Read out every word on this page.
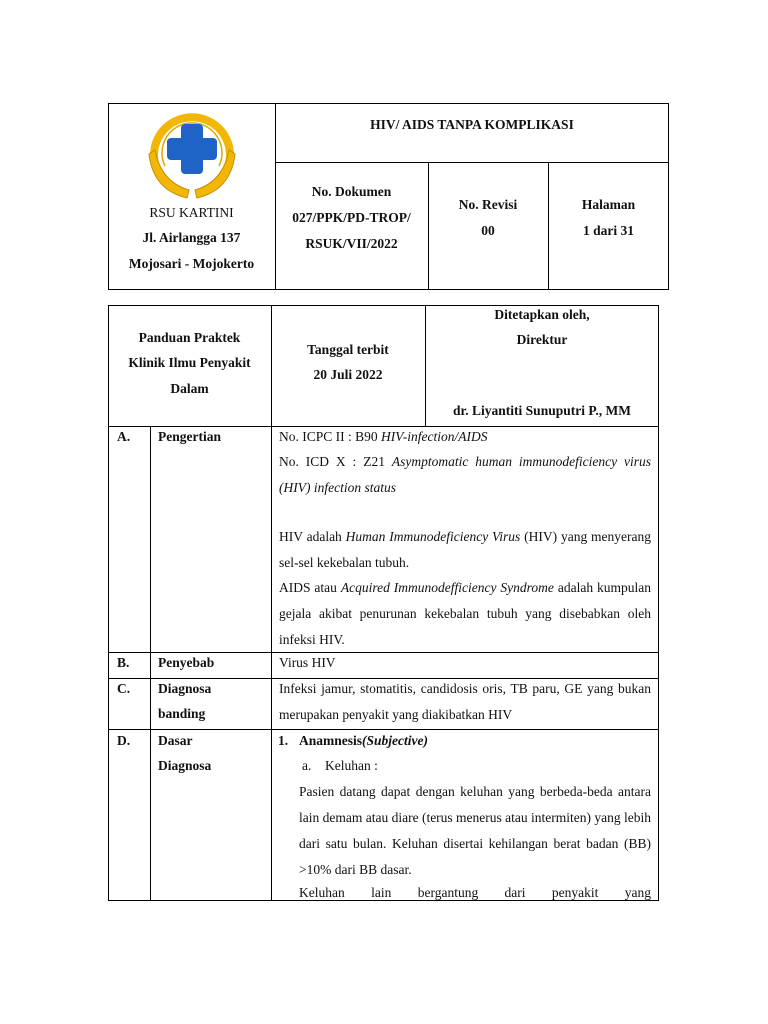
RSU KARTINI
Jl. Airlangga 137
Mojosari - Mojokerto
HIV/ AIDS TANPA KOMPLIKASI
No. Dokumen
027/PPK/PD-TROP/
RSUK/VII/2022
No. Revisi
00
Halaman
1 dari 31
Panduan Praktek
Klinik Ilmu Penyakit
Dalam
Tanggal terbit
20 Juli 2022
Ditetapkan oleh,
Direktur
dr. Liyantiti Sunuputri P., MM
A. Pengertian	No. ICPC II : B90 HIV-infection/AIDS
No. ICD X : Z21 Asymptomatic human immunodeficiency virus (HIV) infection status
HIV adalah Human Immunodeficiency Virus (HIV) yang menyerang sel-sel kekebalan tubuh.
AIDS atau Acquired Immunodefficiency Syndrome adalah kumpulan gejala akibat penurunan kekebalan tubuh yang disebabkan oleh infeksi HIV.
B. Penyebab	Virus HIV
C. Diagnosa
banding
Infeksi jamur, stomatitis, candidosis oris, TB paru, GE yang bukan merupakan penyakit yang diakibatkan HIV
D. Dasar
Diagnosa
1. Anamnesis(Subjective)
a. Keluhan :
Pasien datang dapat dengan keluhan yang berbeda-beda antara lain demam atau diare (terus menerus atau intermiten) yang lebih dari satu bulan. Keluhan disertai kehilangan berat badan (BB) >10% dari BB dasar.
Keluhan lain bergantung dari penyakit yang
